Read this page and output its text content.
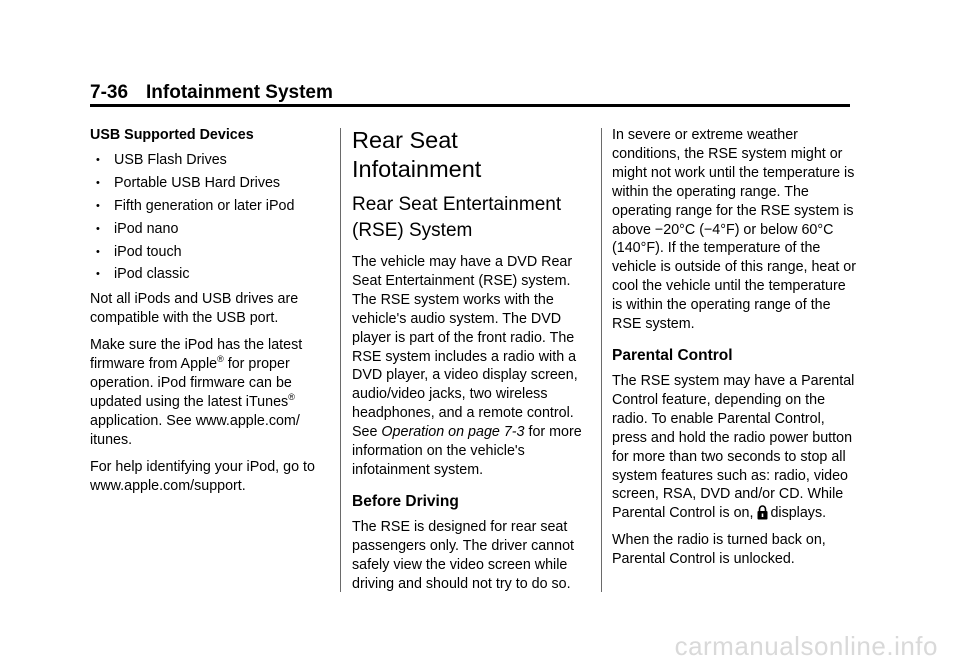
7-36 Infotainment System
USB Supported Devices
• USB Flash Drives
• Portable USB Hard Drives
• Fifth generation or later iPod
• iPod nano
• iPod touch
• iPod classic

Not all iPods and USB drives are compatible with the USB port.

Make sure the iPod has the latest firmware from Apple® for proper operation. iPod firmware can be updated using the latest iTunes® application. See www.apple.com/ itunes.

For help identifying your iPod, go to www.apple.com/support.

Rear Seat Infotainment
Rear Seat Entertainment (RSE) System

The vehicle may have a DVD Rear Seat Entertainment (RSE) system. The RSE system works with the vehicle's audio system. The DVD player is part of the front radio. The RSE system includes a radio with a DVD player, a video display screen, audio/video jacks, two wireless headphones, and a remote control. See Operation on page 7-3 for more information on the vehicle's infotainment system.

Before Driving

The RSE is designed for rear seat passengers only. The driver cannot safely view the video screen while driving and should not try to do so.

In severe or extreme weather conditions, the RSE system might or might not work until the temperature is within the operating range. The operating range for the RSE system is above −20°C (−4°F) or below 60°C (140°F). If the temperature of the vehicle is outside of this range, heat or cool the vehicle until the temperature is within the operating range of the RSE system.

Parental Control

The RSE system may have a Parental Control feature, depending on the radio. To enable Parental Control, press and hold the radio power button for more than two seconds to stop all system features such as: radio, video screen, RSA, DVD and/or CD. While Parental Control is on, displays.

When the radio is turned back on, Parental Control is unlocked.

carmanualsonline.info
